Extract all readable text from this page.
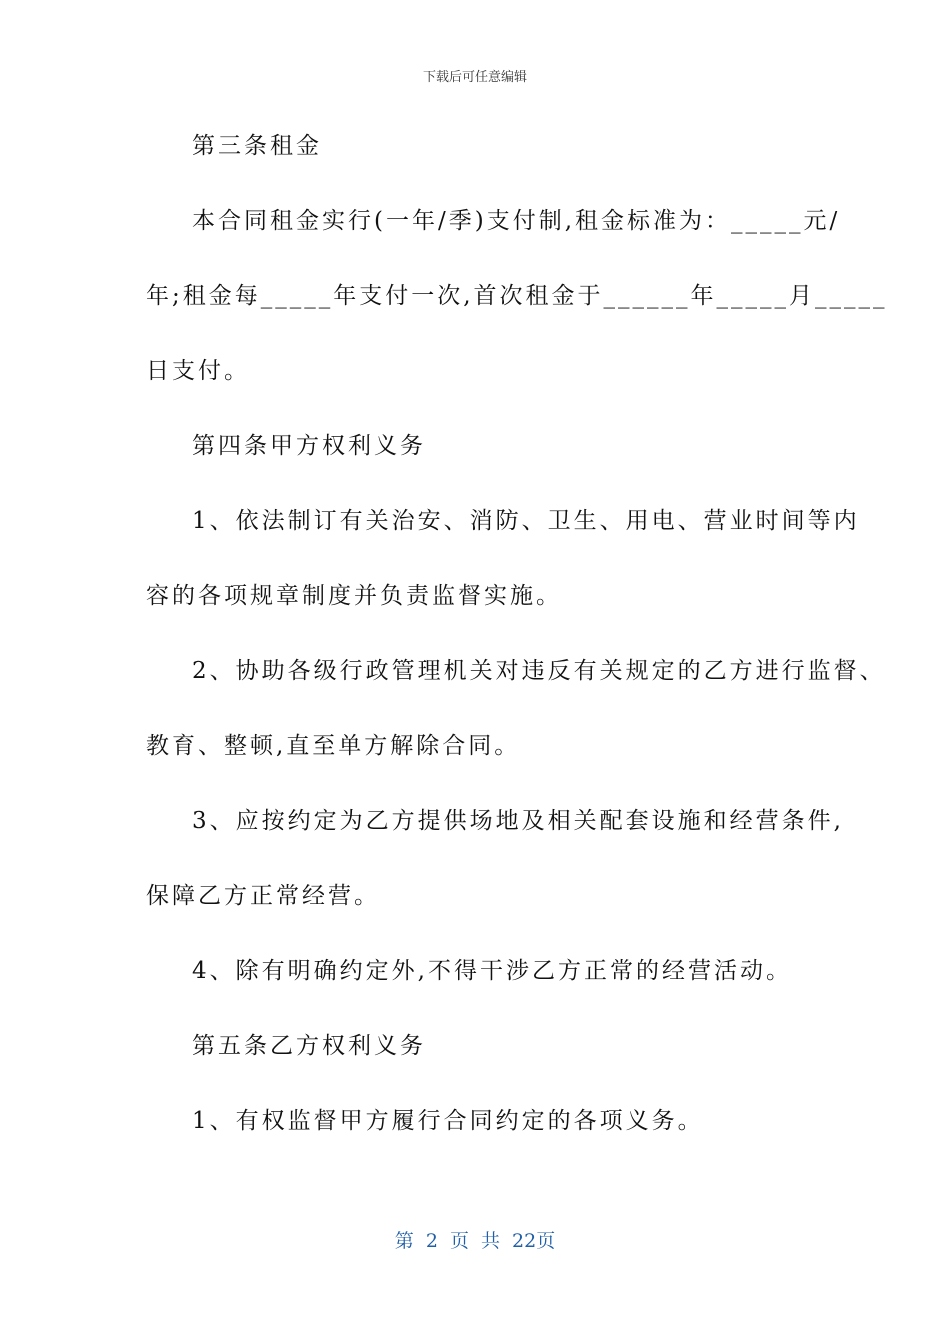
下载后可任意编辑
第三条租金
本合同租金实行(一年/季)支付制,租金标准为：_____元/
年;租金每_____年支付一次,首次租金于______年_____月_____
日支付。
第四条甲方权利义务
1、依法制订有关治安、消防、卫生、用电、营业时间等内
容的各项规章制度并负责监督实施。
2、协助各级行政管理机关对违反有关规定的乙方进行监督、
教育、整顿,直至单方解除合同。
3、应按约定为乙方提供场地及相关配套设施和经营条件,
保障乙方正常经营。
4、除有明确约定外,不得干涉乙方正常的经营活动。
第五条乙方权利义务
1、有权监督甲方履行合同约定的各项义务。
第 2 页 共 22页
